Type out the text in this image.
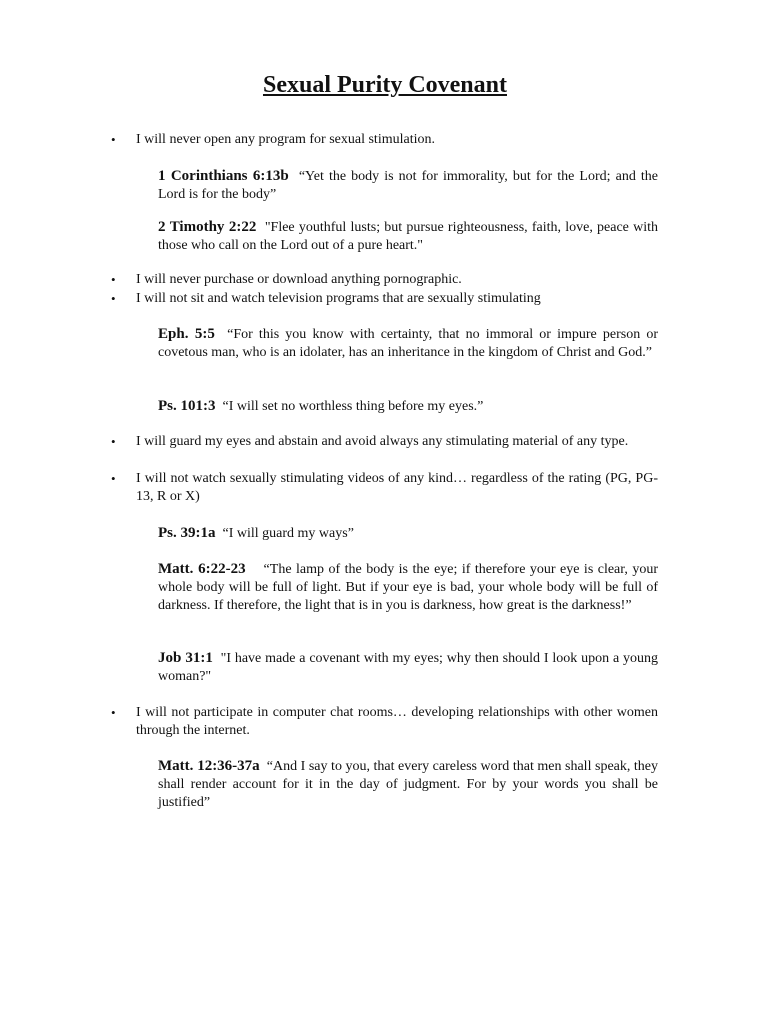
Sexual Purity Covenant
• I will never open any program for sexual stimulation.
1 Corinthians 6:13b “Yet the body is not for immorality, but for the Lord; and the Lord is for the body”
2 Timothy 2:22 "Flee youthful lusts; but pursue righteousness, faith, love, peace with those who call on the Lord out of a pure heart."
• I will never purchase or download anything pornographic.
• I will not sit and watch television programs that are sexually stimulating
Eph. 5:5 “For this you know with certainty, that no immoral or impure person or covetous man, who is an idolater, has an inheritance in the kingdom of Christ and God.”
Ps. 101:3 “I will set no worthless thing before my eyes.”
• I will guard my eyes and abstain and avoid always any stimulating material of any type.
• I will not watch sexually stimulating videos of any kind… regardless of the rating (PG, PG-13, R or X)
Ps. 39:1a “I will guard my ways”
Matt. 6:22-23 “The lamp of the body is the eye; if therefore your eye is clear, your whole body will be full of light. But if your eye is bad, your whole body will be full of darkness. If therefore, the light that is in you is darkness, how great is the darkness!”
Job 31:1 "I have made a covenant with my eyes; why then should I look upon a young woman?"
• I will not participate in computer chat rooms… developing relationships with other women through the internet.
Matt. 12:36-37a “And I say to you, that every careless word that men shall speak, they shall render account for it in the day of judgment. For by your words you shall be justified”
